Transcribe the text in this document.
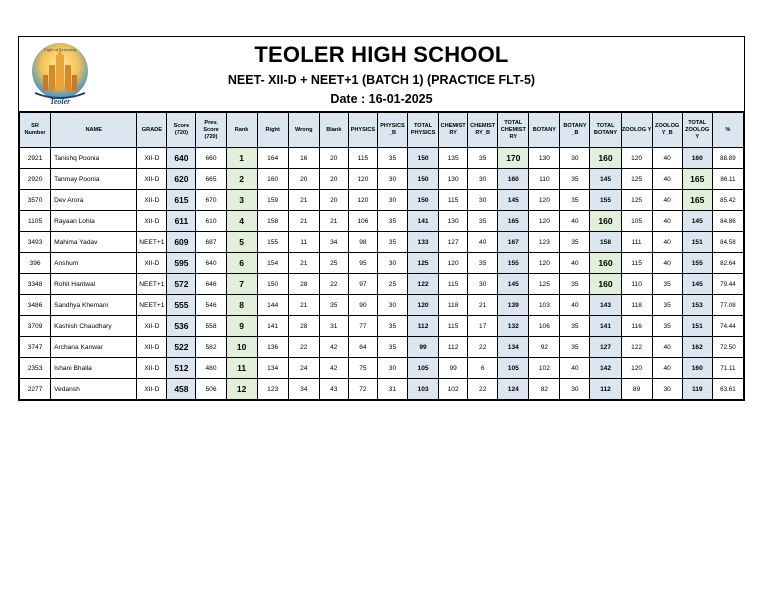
Light of Learning
Teoler
TEOLER HIGH SCHOOL
NEET- XII-D + NEET+1 (BATCH 1) (PRACTICE FLT-5)
Date : 16-01-2025
SR Number	NAME	GRADE	Score (720)	Prev. Score (720)	Rank	Right	Wrong	Blank	PHYSICS	PHYSICS _B	TOTAL PHYSICS	CHEMIST RY	CHEMIST RY_B	TOTAL CHEMIST RY	BOTANY	BOTANY _B	TOTAL BOTANY	ZOOLOG Y	ZOOLOG Y_B	TOTAL ZOOLOG Y	%
2921	Tanishq Poonia	XII-D	640	660	1	164	16	20	115	35	150	135	35	170	130	30	160	120	40	160	88.89
2920	Tanmay Poonia	XII-D	620	665	2	160	20	20	120	30	150	130	30	160	110	35	145	125	40	165	86.11
3570	Dev Arora	XII-D	615	670	3	159	21	20	120	30	150	115	30	145	120	35	155	125	40	165	85.42
1105	Rayaan Lohia	XII-D	611	610	4	158	21	21	106	35	141	130	35	165	120	40	160	105	40	145	84.86
3493	Mahima Yadav	NEET+1	609	687	5	155	11	34	98	35	133	127	40	167	123	35	158	111	40	151	84.58
396	Anshum	XII-D	595	640	6	154	21	25	95	30	125	120	35	155	120	40	160	115	40	155	82.64
3348	Rohit Haritwal	NEET+1	572	646	7	150	28	22	97	25	122	115	30	145	125	35	160	110	35	145	79.44
3486	Sandhya Khemani	NEET+1	555	546	8	144	21	35	90	30	120	118	21	139	103	40	143	118	35	153	77.08
3709	Kashish Chaudhary	XII-D	536	558	9	141	28	31	77	35	112	115	17	132	106	35	141	116	35	151	74.44
3747	Archana Kanwar	XII-D	522	582	10	136	22	42	64	35	99	112	22	134	92	35	127	122	40	162	72.50
2353	Ishani Bhalla	XII-D	512	480	11	134	24	42	75	30	105	99	6	105	102	40	142	120	40	160	71.11
2277	Vedansh	XII-D	458	506	12	123	34	43	72	31	103	102	22	124	82	30	112	89	30	119	63.61
